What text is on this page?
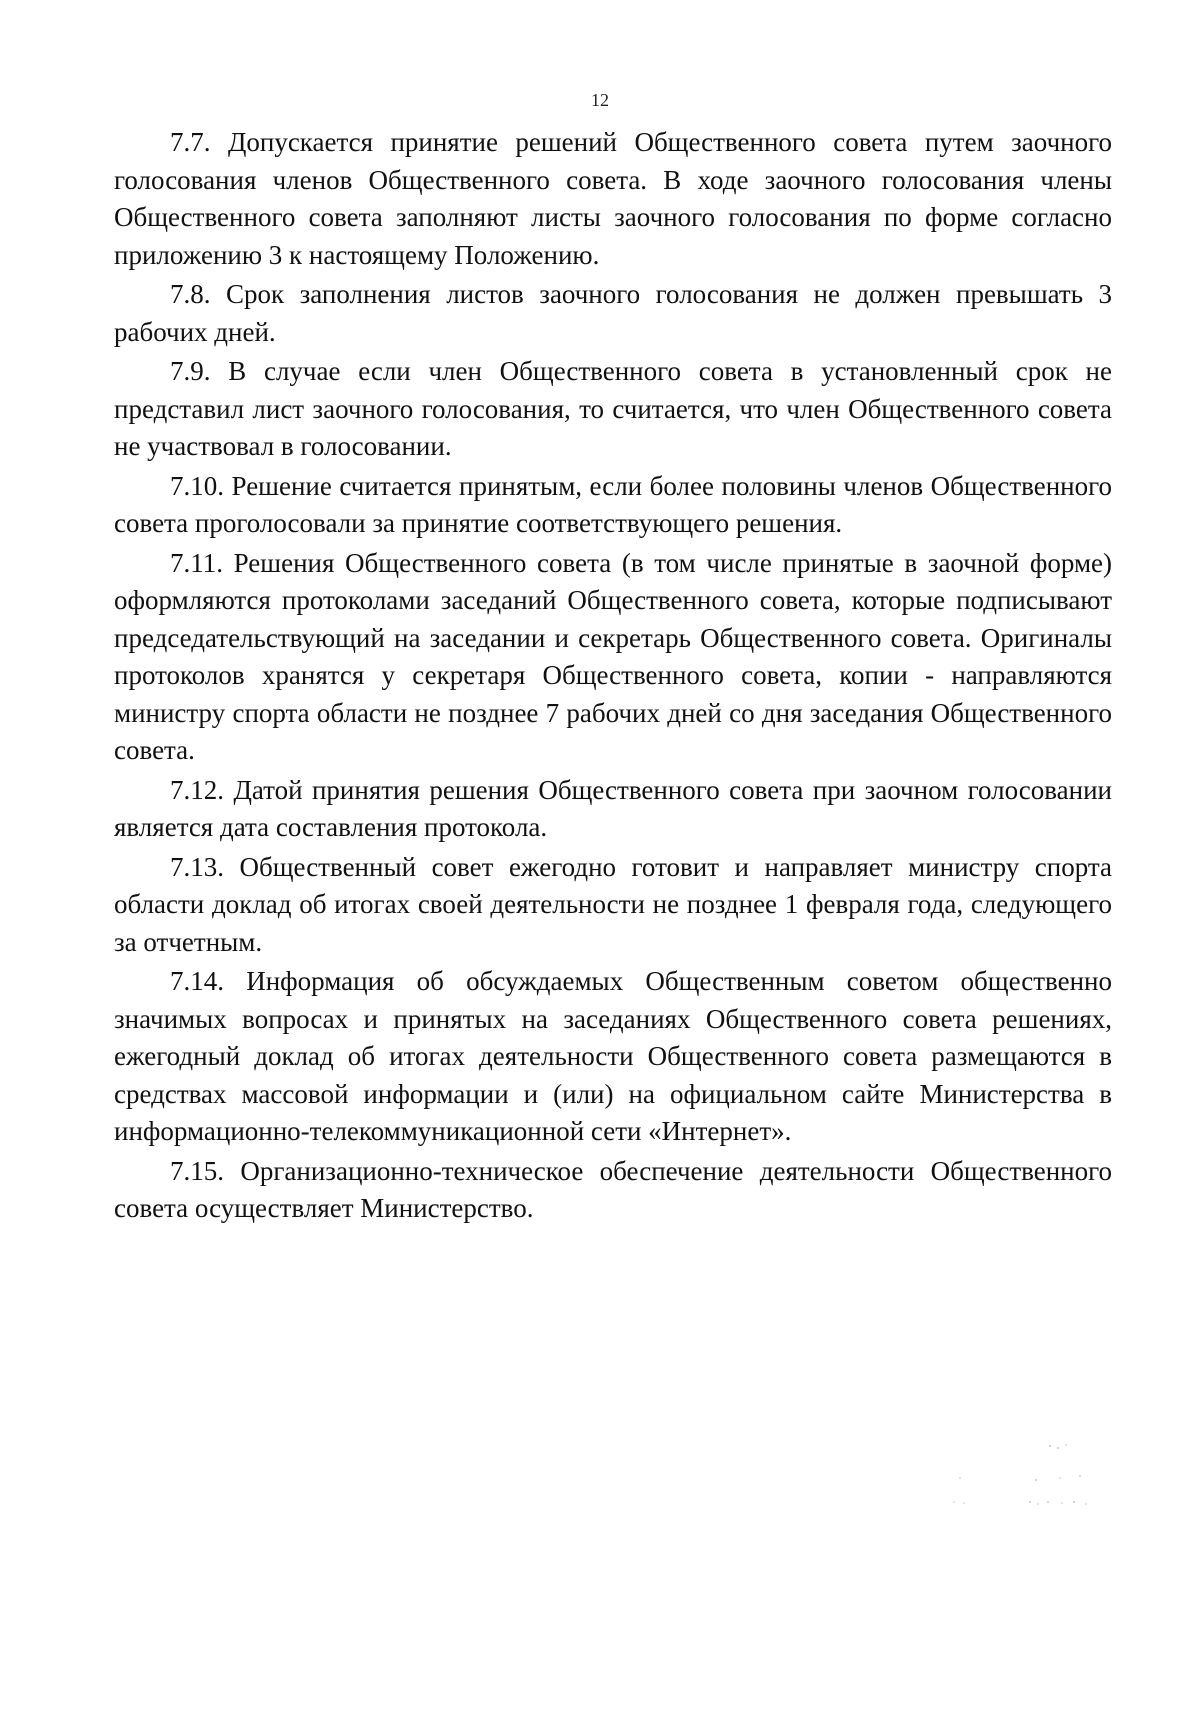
12

7.7. Допускается принятие решений Общественного совета путем заочного голосования членов Общественного совета. В ходе заочного голосования члены Общественного совета заполняют листы заочного голосования по форме согласно приложению 3 к настоящему Положению.

7.8. Срок заполнения листов заочного голосования не должен превышать 3 рабочих дней.

7.9. В случае если член Общественного совета в установленный срок не представил лист заочного голосования, то считается, что член Общественного совета не участвовал в голосовании.

7.10. Решение считается принятым, если более половины членов Общественного совета проголосовали за принятие соответствующего решения.

7.11. Решения Общественного совета (в том числе принятые в заочной форме) оформляются протоколами заседаний Общественного совета, которые подписывают председательствующий на заседании и секретарь Общественного совета. Оригиналы протоколов хранятся у секретаря Общественного совета, копии - направляются министру спорта области не позднее 7 рабочих дней со дня заседания Общественного совета.

7.12. Датой принятия решения Общественного совета при заочном голосовании является дата составления протокола.

7.13. Общественный совет ежегодно готовит и направляет министру спорта области доклад об итогах своей деятельности не позднее 1 февраля года, следующего за отчетным.

7.14. Информация об обсуждаемых Общественным советом общественно значимых вопросах и принятых на заседаниях Общественного совета решениях, ежегодный доклад об итогах деятельности Общественного совета размещаются в средствах массовой информации и (или) на официальном сайте Министерства в информационно-телекоммуникационной сети «Интернет».

7.15. Организационно-техническое обеспечение деятельности Общественного совета осуществляет Министерство.
